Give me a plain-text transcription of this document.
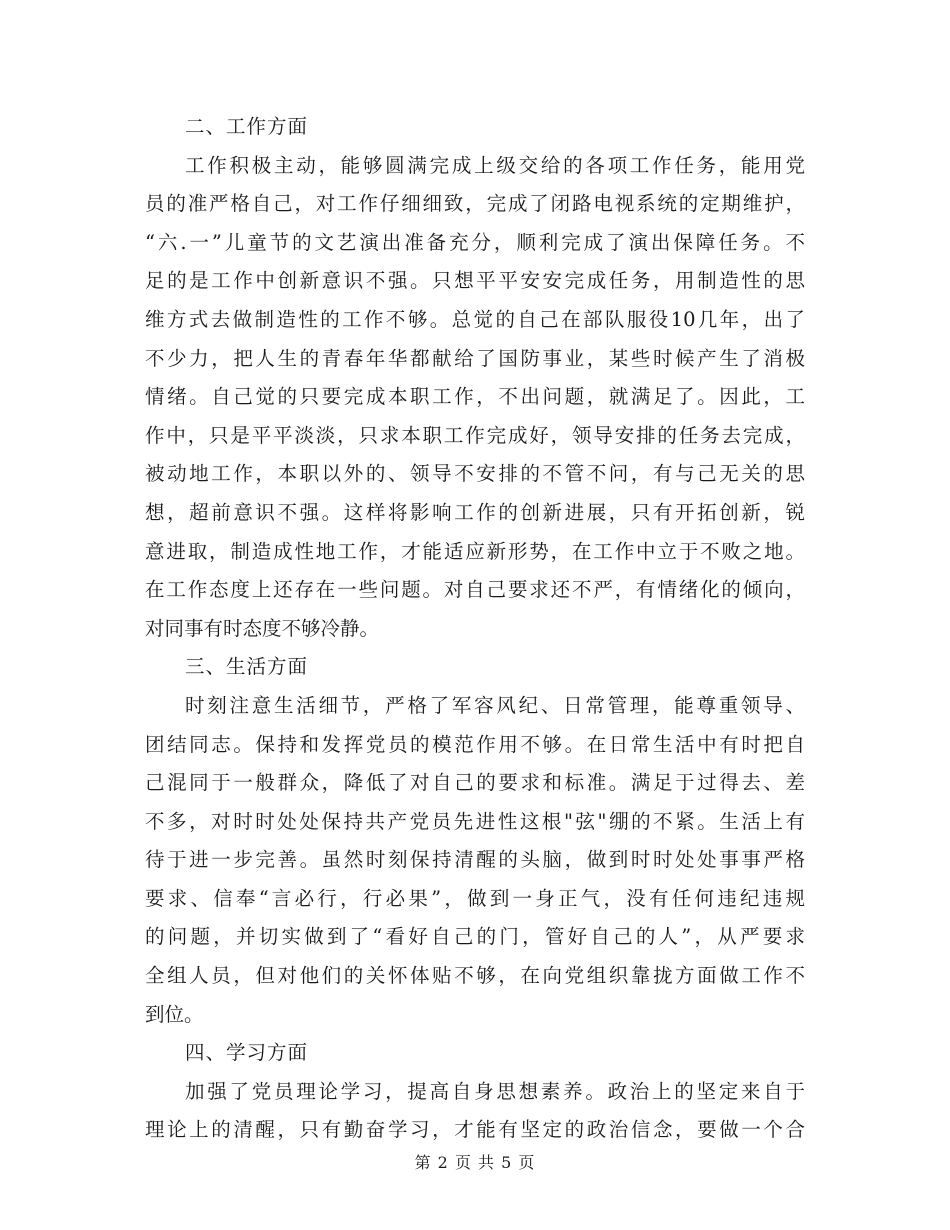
二、工作方面
工作积极主动，能够圆满完成上级交给的各项工作任务，能用党
员的准严格自己，对工作仔细细致，完成了闭路电视系统的定期维护，
“六.一”儿童节的文艺演出准备充分，顺利完成了演出保障任务。不
足的是工作中创新意识不强。只想平平安安完成任务，用制造性的思
维方式去做制造性的工作不够。总觉的自己在部队服役10几年，出了
不少力，把人生的青春年华都献给了国防事业，某些时候产生了消极
情绪。自己觉的只要完成本职工作，不出问题，就满足了。因此，工
作中，只是平平淡淡，只求本职工作完成好，领导安排的任务去完成，
被动地工作，本职以外的、领导不安排的不管不问，有与己无关的思
想，超前意识不强。这样将影响工作的创新进展，只有开拓创新，锐
意进取，制造成性地工作，才能适应新形势，在工作中立于不败之地。
在工作态度上还存在一些问题。对自己要求还不严，有情绪化的倾向，
对同事有时态度不够冷静。
三、生活方面
时刻注意生活细节，严格了军容风纪、日常管理，能尊重领导、
团结同志。保持和发挥党员的模范作用不够。在日常生活中有时把自
己混同于一般群众，降低了对自己的要求和标准。满足于过得去、差
不多，对时时处处保持共产党员先进性这根"弦"绷的不紧。生活上有
待于进一步完善。虽然时刻保持清醒的头脑，做到时时处处事事严格
要求、信奉“言必行，行必果”，做到一身正气，没有任何违纪违规
的问题，并切实做到了“看好自己的门，管好自己的人”，从严要求
全组人员，但对他们的关怀体贴不够，在向党组织靠拢方面做工作不
到位。
四、学习方面
加强了党员理论学习，提高自身思想素养。政治上的坚定来自于
理论上的清醒，只有勤奋学习，才能有坚定的政治信念，要做一个合
第 2 页 共 5 页
